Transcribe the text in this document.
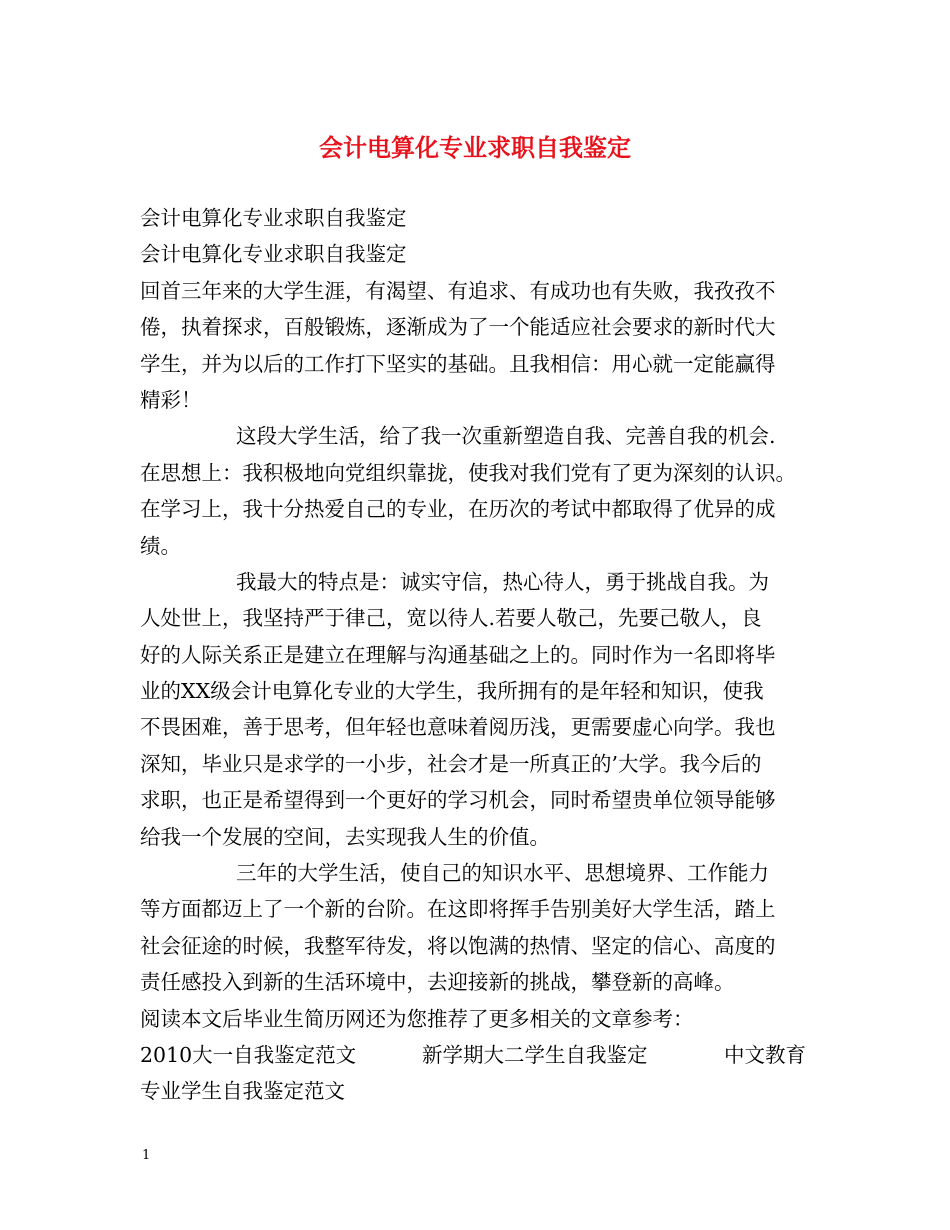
会计电算化专业求职自我鉴定
会计电算化专业求职自我鉴定
会计电算化专业求职自我鉴定
回首三年来的大学生涯，有渴望、有追求、有成功也有失败，我孜孜不
倦，执着探求，百般锻炼，逐渐成为了一个能适应社会要求的新时代大
学生，并为以后的工作打下坚实的基础。且我相信：用心就一定能赢得
精彩！
这段大学生活，给了我一次重新塑造自我、完善自我的机会.
在思想上：我积极地向党组织靠拢，使我对我们党有了更为深刻的认识。
在学习上，我十分热爱自己的专业，在历次的考试中都取得了优异的成
绩。
我最大的特点是：诚实守信，热心待人，勇于挑战自我。为
人处世上，我坚持严于律己，宽以待人.若要人敬己，先要己敬人，良
好的人际关系正是建立在理解与沟通基础之上的。同时作为一名即将毕
业的XX级会计电算化专业的大学生，我所拥有的是年轻和知识，使我
不畏困难，善于思考，但年轻也意味着阅历浅，更需要虚心向学。我也
深知，毕业只是求学的一小步，社会才是一所真正的’大学。我今后的
求职，也正是希望得到一个更好的学习机会，同时希望贵单位领导能够
给我一个发展的空间，去实现我人生的价值。
三年的大学生活，使自己的知识水平、思想境界、工作能力
等方面都迈上了一个新的台阶。在这即将挥手告别美好大学生活，踏上
社会征途的时候，我整军待发，将以饱满的热情、坚定的信心、高度的
责任感投入到新的生活环境中，去迎接新的挑战，攀登新的高峰。
阅读本文后毕业生简历网还为您推荐了更多相关的文章参考：
2010大一自我鉴定范文	新学期大二学生自我鉴定	中文教育
专业学生自我鉴定范文
1
